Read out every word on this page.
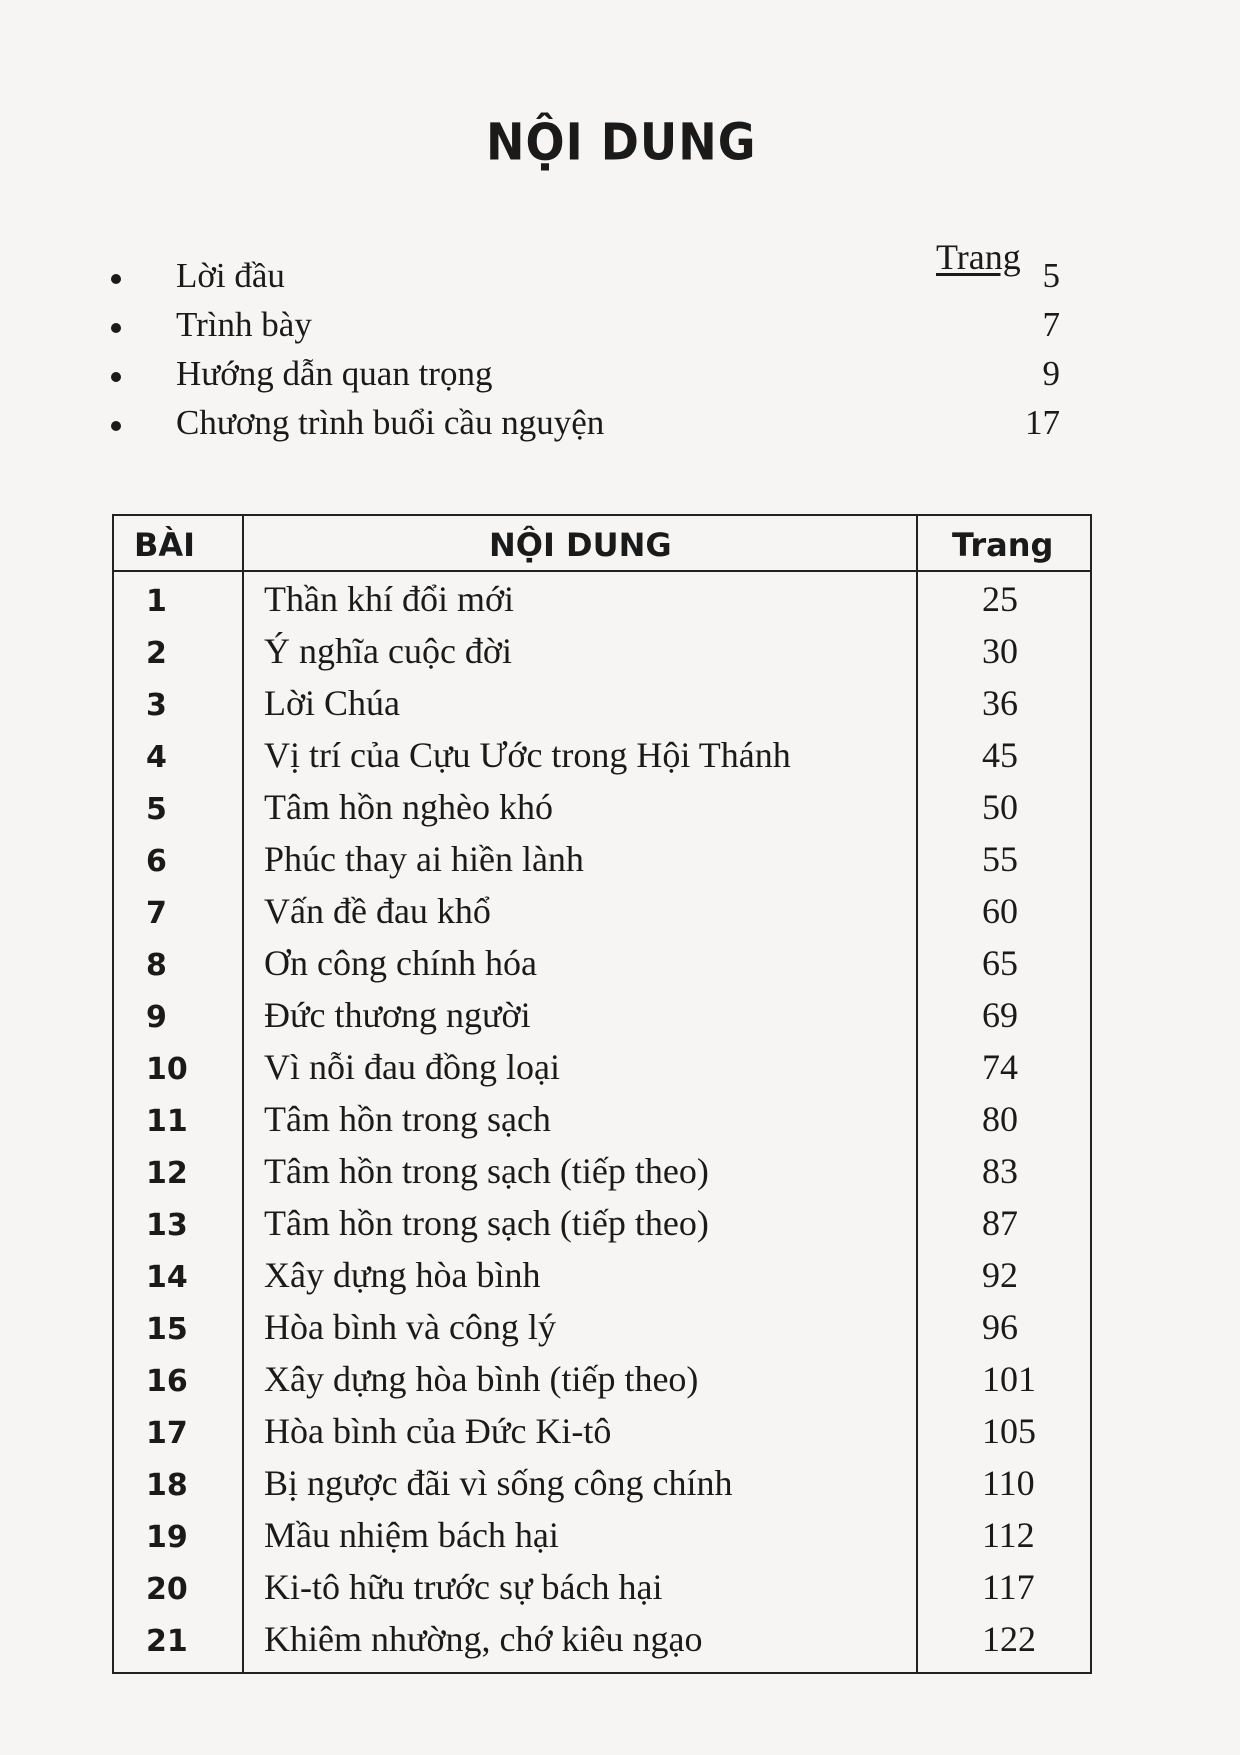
NỘI DUNG
Trang
Lời đầu	5
Trình bày	7
Hướng dẫn quan trọng	9
Chương trình buổi cầu nguyện	17
BÀI	NỘI DUNG	Trang
1	Thần khí đổi mới	25
2	Ý nghĩa cuộc đời	30
3	Lời Chúa	36
4	Vị trí của Cựu Ước trong Hội Thánh	45
5	Tâm hồn nghèo khó	50
6	Phúc thay ai hiền lành	55
7	Vấn đề đau khổ	60
8	Ơn công chính hóa	65
9	Đức thương người	69
10 Vì nỗi đau đồng loại	74
11 Tâm hồn trong sạch	80
12 Tâm hồn trong sạch (tiếp theo)	83
13 Tâm hồn trong sạch (tiếp theo)	87
14 Xây dựng hòa bình	92
15 Hòa bình và công lý	96
16 Xây dựng hòa bình (tiếp theo)	101
17 Hòa bình của Đức Ki-tô	105
18 Bị ngược đãi vì sống công chính	110
19 Mầu nhiệm bách hại	112
20 Ki-tô hữu trước sự bách hại	117
21 Khiêm nhường, chớ kiêu ngạo	122
